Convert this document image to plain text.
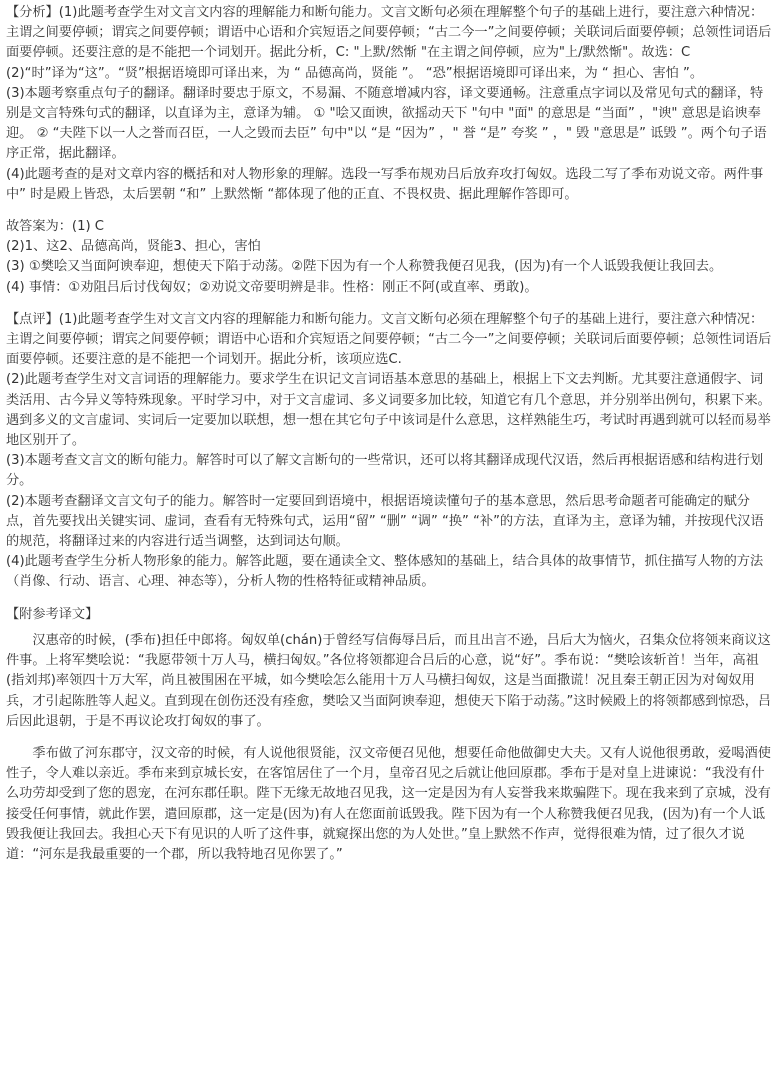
【分析】(1)此题考查学生对文言文内容的理解能力和断句能力。文言文断句必须在理解整个句子的基础上进行，要注意六种情况：主谓之间要停顿；谓宾之间要停顿；谓语中心语和介宾短语之间要停顿；“古二今一”之间要停顿；关联词后面要停顿；总领性词语后面要停顿。还要注意的是不能把一个词划开。据此分析，C: "上默/然惭 "在主谓之间停顿，应为"上/默然惭"。故选：C

(2)“时”译为“这”。“贤”根据语境即可译出来，为 “ 品德高尚，贤能 ”。 “恐”根据语境即可译出来，为 “ 担心、害怕 ”。

(3)本题考察重点句子的翻译。翻译时要忠于原文，不易漏、不随意增减内容，译文要通畅。注意重点字词以及常见句式的翻译，特别是文言特殊句式的翻译，以直译为主，意译为辅。 ① "哙又面谀，欲摇动天下 "句中 "面" 的意思是 “当面” ，"谀" 意思是谄谀奉迎。 ② “夫陛下以一人之誉而召臣，一人之毁而去臣” 句中"以 “是 “因为” ，" 誉 “是” 夸奖 ” ，" 毁 "意思是” 诋毁 ”。两个句子语序正常，据此翻译。

(4)此题考查的是对文章内容的概括和对人物形象的理解。选段一写季布规劝吕后放弃攻打匈奴。选段二写了季布劝说文帝。两件事中” 时是殿上皆恐，太后罢朝 “和” 上默然惭 “都体现了他的正直、不畏权贵、据此理解作答即可。

故答案为：(1) C

(2)1、这2、品德高尚，贤能3、担心，害怕

(3) ①樊哙又当面阿谀奉迎，想使天下陷于动荡。②陛下因为有一个人称赞我便召见我，(因为)有一个人诋毁我便让我回去。

(4) 事情：①劝阻吕后讨伐匈奴；②劝说文帝要明辨是非。性格：刚正不阿(或直率、勇敢)。

【点评】(1)此题考查学生对文言文内容的理解能力和断句能力。文言文断句必须在理解整个句子的基础上进行，要注意六种情况：主谓之间要停顿；谓宾之间要停顿；谓语中心语和介宾短语之间要停顿；“古二今一”之间要停顿；关联词后面要停顿；总领性词语后面要停顿。还要注意的是不能把一个词划开。据此分析，该项应选C.

(2)此题考查学生对文言词语的理解能力。要求学生在识记文言词语基本意思的基础上，根据上下文去判断。尤其要注意通假字、词类活用、古今异义等特殊现象。平时学习中，对于文言虚词、多义词要多加比较，知道它有几个意思，并分别举出例句，积累下来。遇到多义的文言虚词、实词后一定要加以联想，想一想在其它句子中该词是什么意思，这样熟能生巧，考试时再遇到就可以轻而易举地区别开了。

(3)本题考查文言文的断句能力。解答时可以了解文言断句的一些常识，还可以将其翻译成现代汉语，然后再根据语感和结构进行划分。

(2)本题考查翻译文言文句子的能力。解答时一定要回到语境中，根据语境读懂句子的基本意思，然后思考命题者可能确定的赋分点，首先要找出关键实词、虚词，查看有无特殊句式，运用“留” “删” “调” “换” “补”的方法，直译为主，意译为辅，并按现代汉语的规范，将翻译过来的内容进行适当调整，达到词达句顺。

(4)此题考查学生分析人物形象的能力。解答此题，要在通读全文、整体感知的基础上，结合具体的故事情节，抓住描写人物的方法（肖像、行动、语言、心理、神态等），分析人物的性格特征或精神品质。

【附参考译文】

汉惠帝的时候，(季布)担任中郎将。匈奴单(chán)于曾经写信侮辱吕后，而且出言不逊，吕后大为恼火，召集众位将领来商议这件事。上将军樊哙说：“我愿带领十万人马，横扫匈奴。”各位将领都迎合吕后的心意，说“好”。季布说：“樊哙该斩首！当年，高祖(指刘邦)率领四十万大军，尚且被围困在平城，如今樊哙怎么能用十万人马横扫匈奴，这是当面撒谎！况且秦王朝正因为对匈奴用兵，才引起陈胜等人起义。直到现在创伤还没有痊愈，樊哙又当面阿谀奉迎，想使天下陷于动荡。”这时候殿上的将领都感到惊恐，吕后因此退朝，于是不再议论攻打匈奴的事了。

季布做了河东郡守，汉文帝的时候，有人说他很贤能，汉文帝便召见他，想要任命他做御史大夫。又有人说他很勇敢，爱喝酒使性子，令人难以亲近。季布来到京城长安，在客馆居住了一个月，皇帝召见之后就让他回原郡。季布于是对皇上进谏说：“我没有什么功劳却受到了您的恩宠，在河东郡任职。陛下无缘无故地召见我，这一定是因为有人妄誉我来欺骗陛下。现在我来到了京城，没有接受任何事情，就此作罢，遣回原郡，这一定是(因为)有人在您面前诋毁我。陛下因为有一个人称赞我便召见我，(因为)有一个人诋毁我便让我回去。我担心天下有见识的人听了这件事，就窥探出您的为人处世。”皇上默然不作声，觉得很难为情，过了很久才说道：“河东是我最重要的一个郡，所以我特地召见你罢了。”
